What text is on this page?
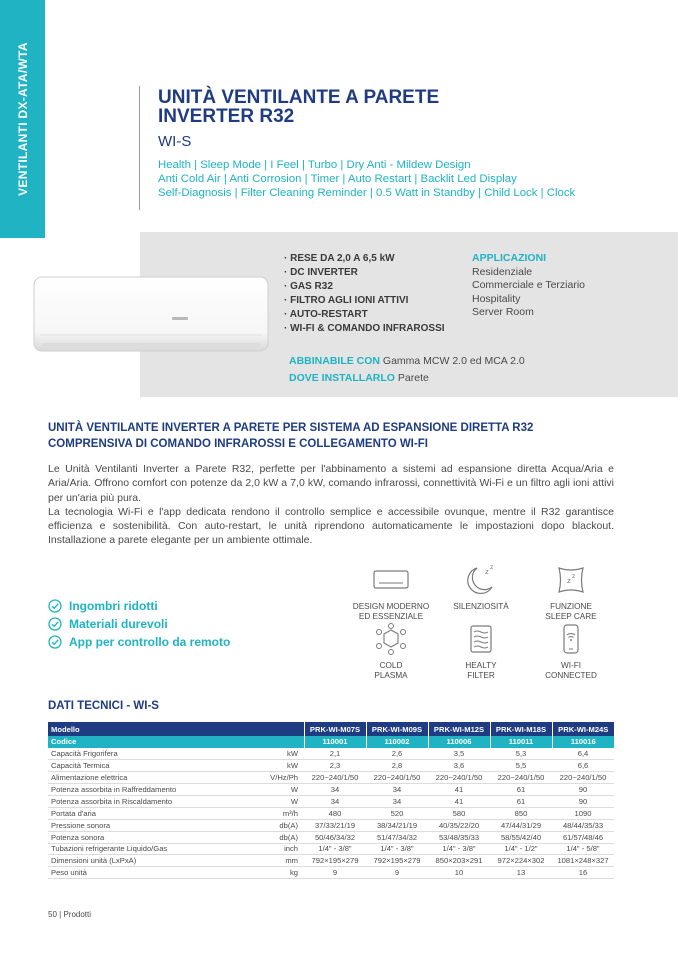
VENTILANTI DX-ATA/WTA	UNITÀ VENTILANTE A PARETE
INVERTER R32
WI-S
Health | Sleep Mode | I Feel | Turbo | Dry Anti - Mildew Design
Anti Cold Air | Anti Corrosion | Timer | Auto Restart | Backlit Led Display
Self-Diagnosis | Filter Cleaning Reminder | 0.5 Watt in Standby | Child Lock | Clock
· RESE DA 2,0 A 6,5 kW
· DC INVERTER
· GAS R32
· FILTRO AGLI IONI ATTIVI
· AUTO-RESTART
· WI-FI & COMANDO INFRAROSSI
APPLICAZIONI
Residenziale
Commerciale e Terziario
Hospitality
Server Room
ABBINABILE CON Gamma MCW 2.0 ed MCA 2.0
DOVE INSTALLARLO Parete
UNITÀ VENTILANTE INVERTER A PARETE PER SISTEMA AD ESPANSIONE DIRETTA R32
COMPRENSIVA DI COMANDO INFRAROSSI E COLLEGAMENTO WI-FI

Le Unità Ventilanti Inverter a Parete R32, perfette per l'abbinamento a sistemi ad espansione diretta Acqua/Aria e Aria/Aria. Offrono comfort con potenze da 2,0 kW a 7,0 kW, comando infrarossi, connettività Wi-Fi e un filtro agli ioni attivi per un'aria più pura.

La tecnologia Wi-Fi e l'app dedicata rendono il controllo semplice e accessibile ovunque, mentre il R32 garantisce efficienza e sostenibilità. Con auto-restart, le unità riprendono automaticamente le impostazioni dopo blackout. Installazione a parete elegante per un ambiente ottimale.

Ingombri ridotti
Materiali durevoli
App per controllo da remoto
DESIGN MODERNO
ED ESSENZIALE
z
z
SILENZIOSITÀ
z
z
FUNZIONE
SLEEP CARE
COLD
PLASMA
HEALTY
FILTER
WI-FI
CONNECTED
DATI TECNICI - WI-S
Modello		PRK-WI-M07S	PRK-WI-M09S	PRK-WI-M12S	PRK-WI-M18S	PRK-WI-M24S
Codice		110001	110002	110006	110011	110016
Capacità Frigorifera	kW	2,1	2,6	3,5	5,3	6,4
Capacità Termica	kW	2,3	2,8	3,6	5,5	6,6
Alimentazione elettrica	V/Hz/Ph	220~240/1/50	220~240/1/50	220~240/1/50	220~240/1/50	220~240/1/50
Potenza assorbita in Raffreddamento	W	34	34	41	61	90
Potenza assorbita in Riscaldamento	W	34	34	41	61	90
Portata d'aria	m³/h	480	520	580	850	1090
Pressione sonora	db(A)	37/33/21/19	38/34/21/19	40/35/22/20	47/44/31/29	48/44/35/33
Potenza sonora	db(A)	50/46/34/32	51/47/34/32	53/48/35/33	58/55/42/40	61/57/48/46
Tubazioni refrigerante Liquido/Gas	inch	1/4" - 3/8"	1/4" - 3/8"	1/4" - 3/8"	1/4" - 1/2"	1/4" - 5/8"
Dimensioni unità (LxPxA)	mm	792×195×279	792×195×279	850×203×291	972×224×302	1081×248×327
Peso unità	kg	9	9	10	13	16
50 | Prodotti
